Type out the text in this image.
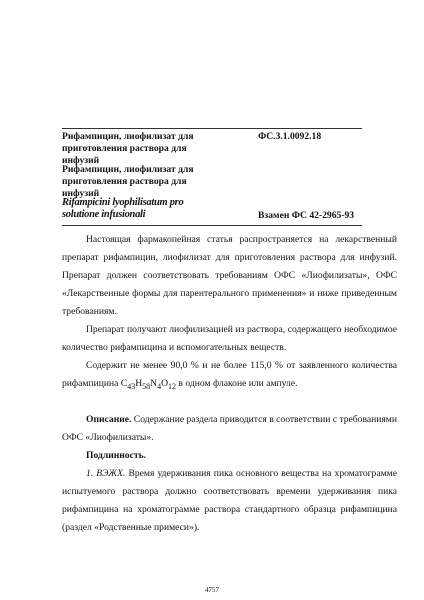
Рифампицин, лиофилизат для приготовления раствора для инфузий
ФС.3.1.0092.18
Рифампицин, лиофилизат для приготовления раствора для инфузий
Rifampicini lyophilisatum pro solutione infusionali	Взамен ФС 42-2965-93

Настоящая фармакопейная статья распространяется на лекарственный препарат рифампицин, лиофилизат для приготовления раствора для инфузий. Препарат должен соответствовать требованиям ОФС «Лиофилизаты», ОФС «Лекарственные формы для парентерального применения» и ниже приведенным требованиям.

Препарат получают лиофилизацией из раствора, содержащего необходимое количество рифампицина и вспомогательных веществ.

Содержит не менее 90,0 % и не более 115,0 % от заявленного количества рифампицина $C_{43}H_{58}N_4O_{12}$ в одном флаконе или ампуле.

Описание. Содержание раздела приводится в соответствии с требованиями ОФС «Лиофилизаты».

Подлинность.

1. ВЭЖХ. Время удерживания пика основного вещества на хроматограмме испытуемого раствора должно соответствовать времени удерживания пика рифампицина на хроматограмме раствора стандартного образца рифампицина (раздел «Родственные примеси»).

4757
